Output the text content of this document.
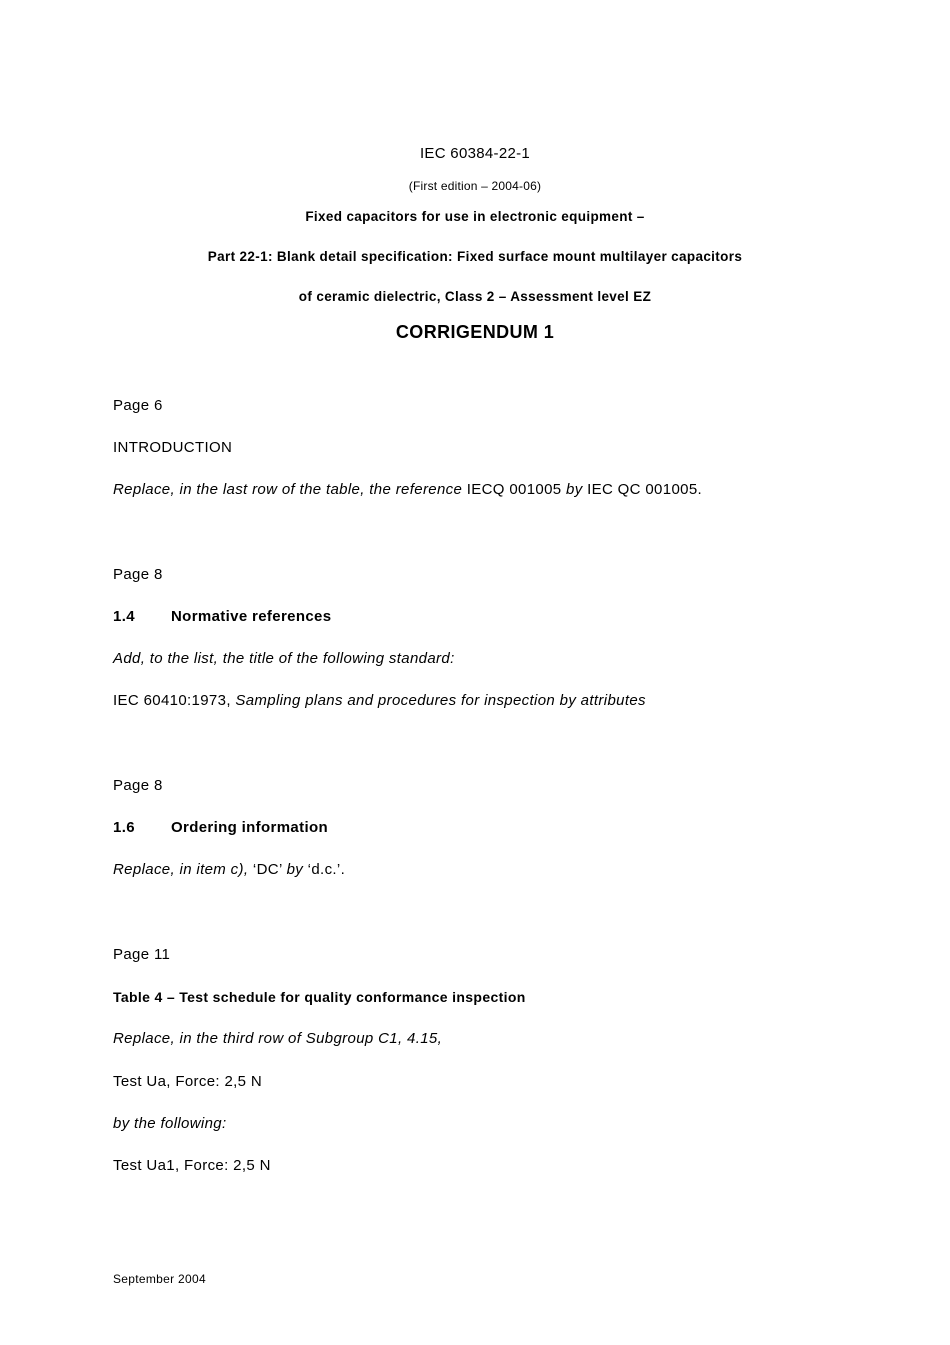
IEC 60384-22-1

(First edition – 2004-06)

Fixed capacitors for use in electronic equipment –

Part 22-1: Blank detail specification: Fixed surface mount multilayer capacitors

of ceramic dielectric, Class 2 – Assessment level EZ

CORRIGENDUM 1

Page 6

INTRODUCTION

Replace, in the last row of the table, the reference IECQ 001005 by IEC QC 001005.

Page 8

1.4 Normative references

Add, to the list, the title of the following standard:

IEC 60410:1973, Sampling plans and procedures for inspection by attributes

Page 8

1.6 Ordering information

Replace, in item c), ‘DC’ by ‘d.c.’.

Page 11

Table 4 – Test schedule for quality conformance inspection

Replace, in the third row of Subgroup C1, 4.15,

Test Ua, Force: 2,5 N

by the following:

Test Ua1, Force: 2,5 N

September 2004
